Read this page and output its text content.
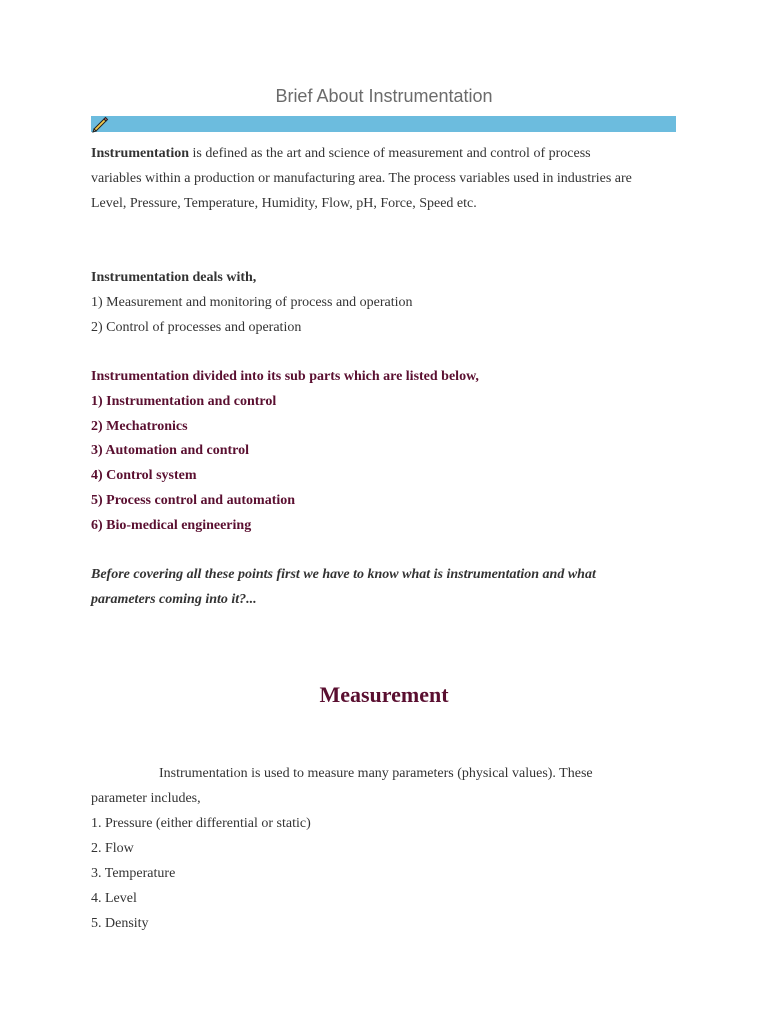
Brief About Instrumentation

Instrumentation is defined as the art and science of measurement and control of process

variables within a production or manufacturing area. The process variables used in industries are

Level, Pressure, Temperature, Humidity, Flow, pH, Force, Speed etc.

Instrumentation deals with,

1) Measurement and monitoring of process and operation

2) Control of processes and operation

Instrumentation divided into its sub parts which are listed below,

1) Instrumentation and control

2) Mechatronics

3) Automation and control

4) Control system

5) Process control and automation

6) Bio-medical engineering

Before covering all these points first we have to know what is instrumentation and what

parameters coming into it?...

Measurement

Instrumentation is used to measure many parameters (physical values). These

parameter includes,

1. Pressure (either differential or static)

2. Flow

3. Temperature

4. Level

5. Density
